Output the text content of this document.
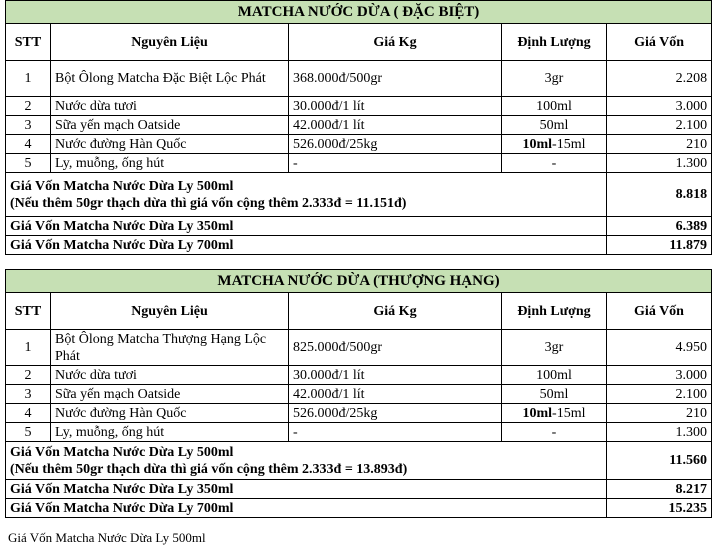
MATCHA NƯỚC DỪA ( ĐẶC BIỆT)				
STT	Nguyên Liệu	Giá Kg	Định Lượng	Giá Vốn
1	Bột Ôlong Matcha Đặc Biệt Lộc Phát	368.000đ/500gr	3gr	2.208
2	Nước dừa tươi	30.000đ/1 lít	100ml	3.000
3	Sữa yến mạch Oatside	42.000đ/1 lít	50ml	2.100
4	Nước đường Hàn Quốc	526.000đ/25kg	10ml-15ml	210
5	Ly, muỗng, ống hút	-	-	1.300

Giá Vốn Matcha Nước Dừa Ly 500ml
(Nếu thêm 50gr thạch dừa thì giá vốn cộng thêm 2.333đ = 11.151đ)				8.818
Giá Vốn Matcha Nước Dừa Ly 350ml				6.389
Giá Vốn Matcha Nước Dừa Ly 700ml				11.879
MATCHA NƯỚC DỪA (THƯỢNG HẠNG)				
STT	Nguyên Liệu	Giá Kg	Định Lượng	Giá Vốn
1	Bột Ôlong Matcha Thượng Hạng Lộc Phát	825.000đ/500gr	3gr	4.950
2	Nước dừa tươi	30.000đ/1 lít	100ml	3.000
3	Sữa yến mạch Oatside	42.000đ/1 lít	50ml	2.100
4	Nước đường Hàn Quốc	526.000đ/25kg	10ml-15ml	210
5	Ly, muỗng, ống hút	-	-	1.300

Giá Vốn Matcha Nước Dừa Ly 500ml
(Nếu thêm 50gr thạch dừa thì giá vốn cộng thêm 2.333đ = 13.893đ)				11.560
Giá Vốn Matcha Nước Dừa Ly 350ml				8.217
Giá Vốn Matcha Nước Dừa Ly 700ml				15.235
Giá Vốn Matcha Nước Dừa Ly 500ml
